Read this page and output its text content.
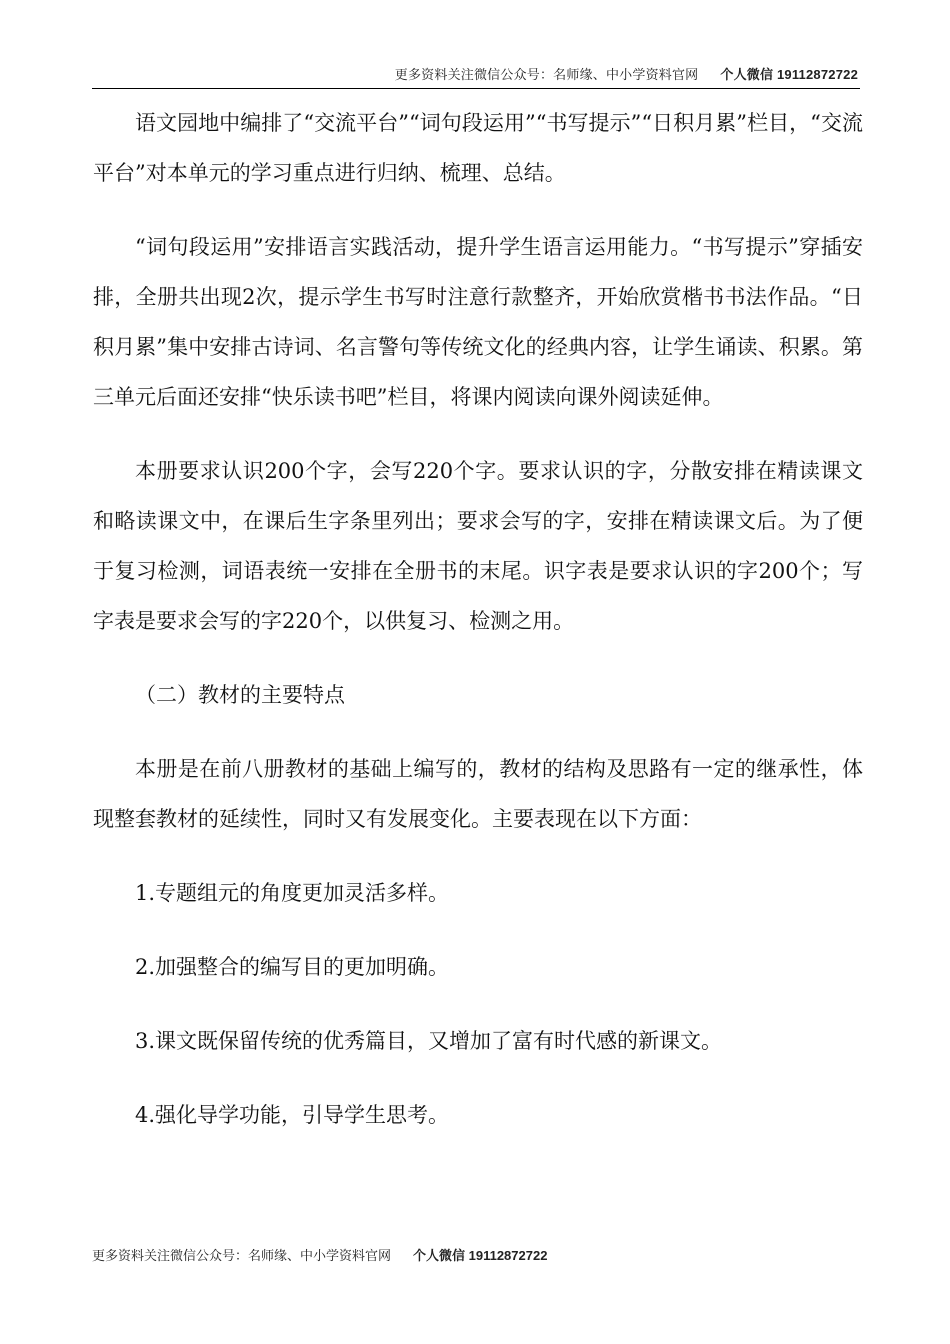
更多资料关注微信公众号：名师缘、中小学资料官网 个人微信 19112872722

语文园地中编排了“交流平台”“词句段运用”“书写提示”“日积月累”栏目，“交流平台”对本单元的学习重点进行归纳、梳理、总结。

“词句段运用”安排语言实践活动，提升学生语言运用能力。“书写提示”穿插安排，全册共出现2次，提示学生书写时注意行款整齐，开始欣赏楷书书法作品。“日积月累”集中安排古诗词、名言警句等传统文化的经典内容，让学生诵读、积累。第三单元后面还安排“快乐读书吧”栏目，将课内阅读向课外阅读延伸。

本册要求认识200个字，会写220个字。要求认识的字，分散安排在精读课文和略读课文中，在课后生字条里列出；要求会写的字，安排在精读课文后。为了便于复习检测，词语表统一安排在全册书的末尾。识字表是要求认识的字200个；写字表是要求会写的字220个，以供复习、检测之用。

（二）教材的主要特点

本册是在前八册教材的基础上编写的，教材的结构及思路有一定的继承性，体现整套教材的延续性，同时又有发展变化。主要表现在以下方面：

1.专题组元的角度更加灵活多样。

2.加强整合的编写目的更加明确。

3.课文既保留传统的优秀篇目，又增加了富有时代感的新课文。

4.强化导学功能，引导学生思考。

更多资料关注微信公众号：名师缘、中小学资料官网 个人微信 19112872722
